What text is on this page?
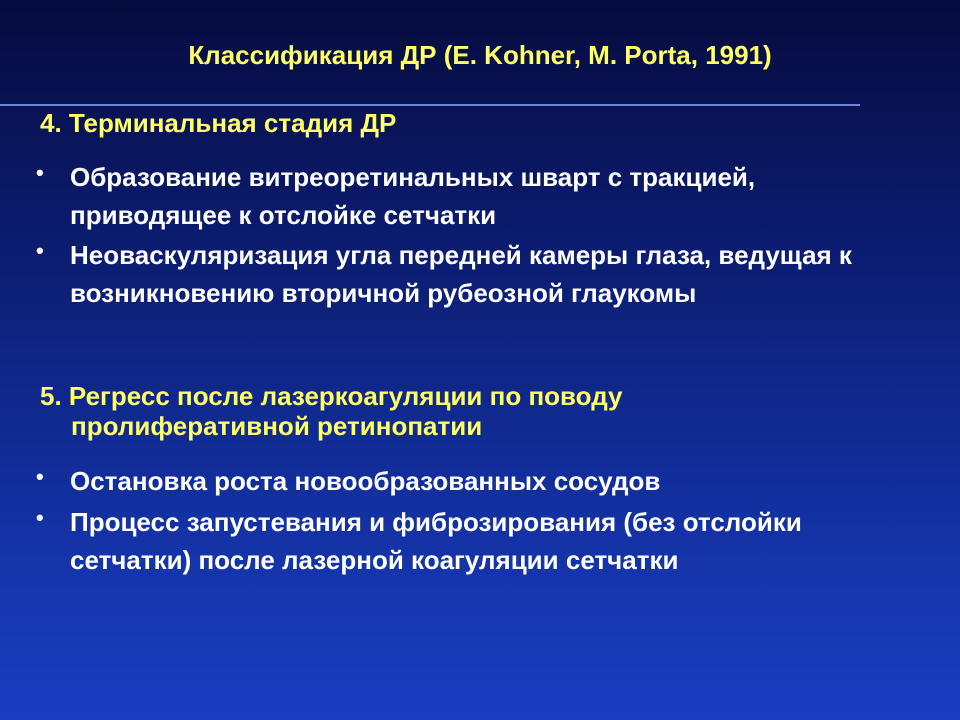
Классификация ДР (E. Kohner, M. Porta, 1991)
4. Терминальная стадия ДР
• Образование витреоретинальных шварт с тракцией, приводящее к отслойке сетчатки
• Неоваскуляризация угла передней камеры глаза, ведущая к возникновению вторичной рубеозной глаукомы
5. Регресс после лазеркоагуляции по поводу
пролиферативной ретинопатии
• Остановка роста новообразованных сосудов
• Процесс запустевания и фиброзирования (без отслойки сетчатки) после лазерной коагуляции сетчатки
